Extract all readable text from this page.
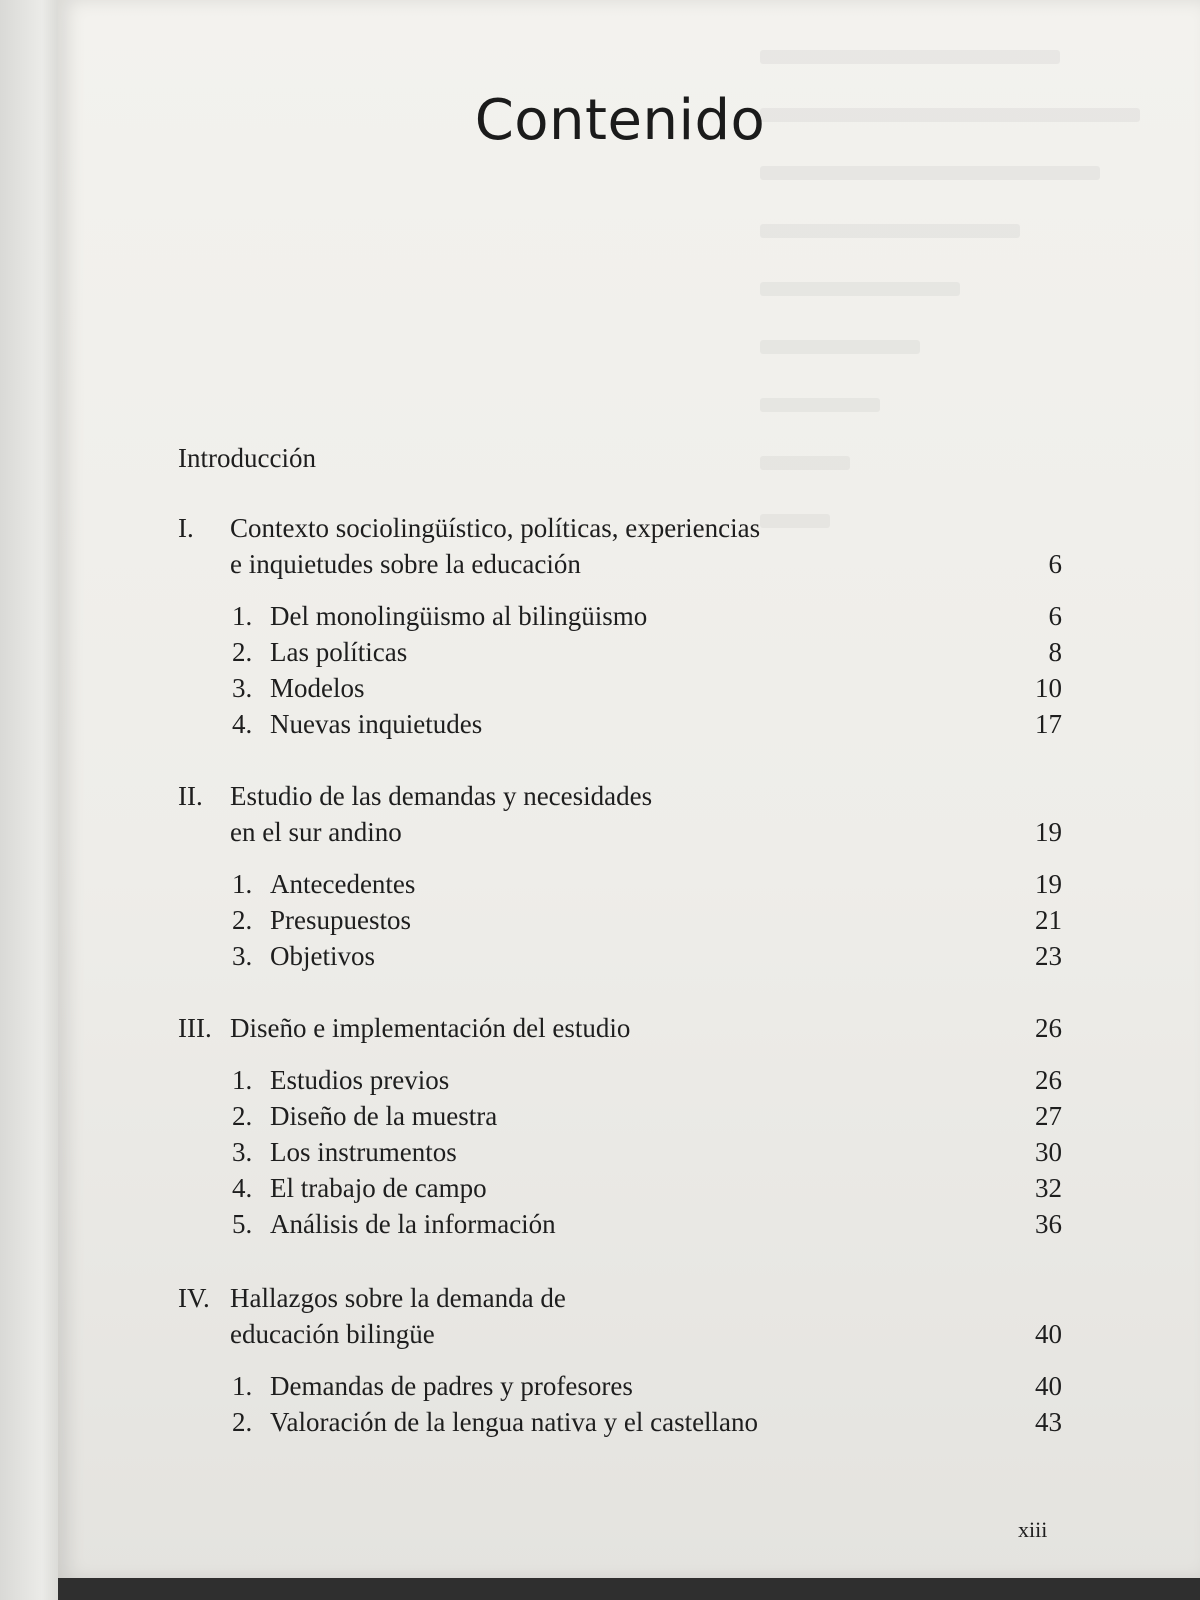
Contenido
Introducción
I. Contexto sociolingüístico, políticas, experiencias
e inquietudes sobre la educación	6
1. Del monolingüismo al bilingüismo	6
2. Las políticas	8
3. Modelos	10
4. Nuevas inquietudes	17
II. Estudio de las demandas y necesidades
en el sur andino	19
1. Antecedentes	19
2. Presupuestos	21
3. Objetivos	23
III. Diseño e implementación del estudio	26
1. Estudios previos	26
2. Diseño de la muestra	27
3. Los instrumentos	30
4. El trabajo de campo	32
5. Análisis de la información	36
IV. Hallazgos sobre la demanda de
educación bilingüe	40
1. Demandas de padres y profesores	40
2. Valoración de la lengua nativa y el castellano	43
xiii
